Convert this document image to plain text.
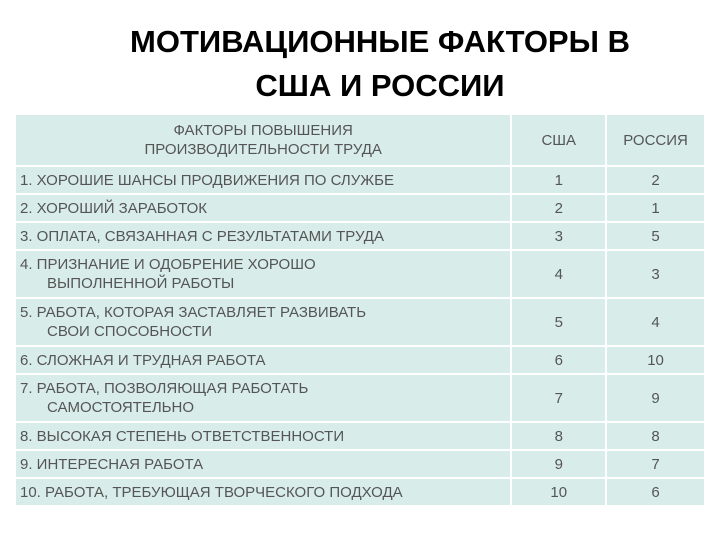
МОТИВАЦИОННЫЕ ФАКТОРЫ В
США И РОССИИ
ФАКТОРЫ ПОВЫШЕНИЯ
ПРОИЗВОДИТЕЛЬНОСТИ ТРУДА	США	РОССИЯ

1. ХОРОШИЕ ШАНСЫ ПРОДВИЖЕНИЯ ПО СЛУЖБЕ	1	2

2. ХОРОШИЙ ЗАРАБОТОК	2	1

3. ОПЛАТА, СВЯЗАННАЯ С РЕЗУЛЬТАТАМИ ТРУДА	3	5

4. ПРИЗНАНИЕ И ОДОБРЕНИЕ ХОРОШО
ВЫПОЛНЕННОЙ РАБОТЫ	4	3

5. РАБОТА, КОТОРАЯ ЗАСТАВЛЯЕТ РАЗВИВАТЬ
СВОИ СПОСОБНОСТИ	5	4

6. СЛОЖНАЯ И ТРУДНАЯ РАБОТА	6	10

7. РАБОТА, ПОЗВОЛЯЮЩАЯ РАБОТАТЬ
САМОСТОЯТЕЛЬНО	7	9

8. ВЫСОКАЯ СТЕПЕНЬ ОТВЕТСТВЕННОСТИ	8	8

9. ИНТЕРЕСНАЯ РАБОТА	9	7

10. РАБОТА, ТРЕБУЮЩАЯ ТВОРЧЕСКОГО ПОДХОДА	10	6
